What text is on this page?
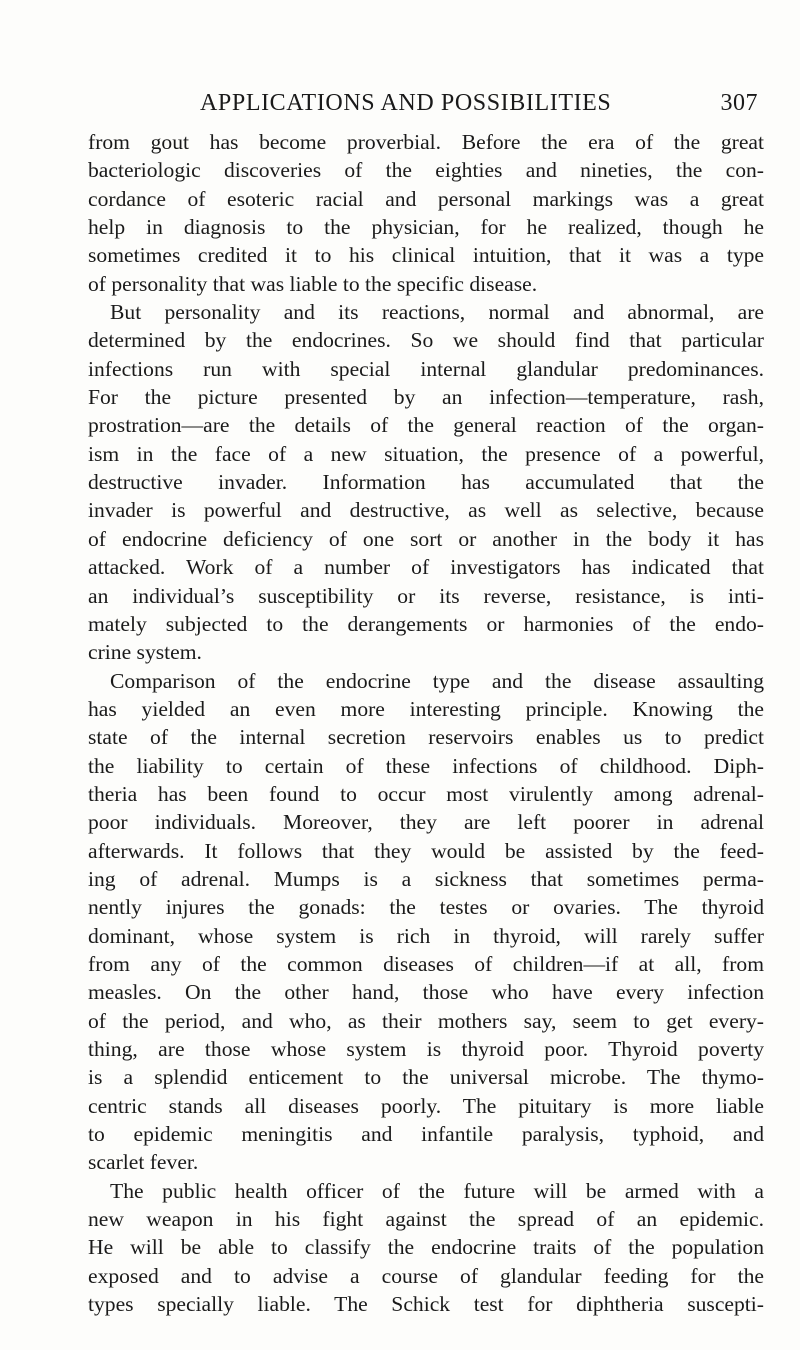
APPLICATIONS AND POSSIBILITIES	307
from gout has become proverbial. Before the era of the great
bacteriologic discoveries of the eighties and nineties, the con-
cordance of esoteric racial and personal markings was a great
help in diagnosis to the physician, for he realized, though he
sometimes credited it to his clinical intuition, that it was a type
of personality that was liable to the specific disease.
But personality and its reactions, normal and abnormal, are
determined by the endocrines. So we should find that particular
infections run with special internal glandular predominances.
For the picture presented by an infection—temperature, rash,
prostration—are the details of the general reaction of the organ-
ism in the face of a new situation, the presence of a powerful,
destructive invader. Information has accumulated that the
invader is powerful and destructive, as well as selective, because
of endocrine deficiency of one sort or another in the body it has
attacked. Work of a number of investigators has indicated that
an individual’s susceptibility or its reverse, resistance, is inti-
mately subjected to the derangements or harmonies of the endo-
crine system.
Comparison of the endocrine type and the disease assaulting
has yielded an even more interesting principle. Knowing the
state of the internal secretion reservoirs enables us to predict
the liability to certain of these infections of childhood. Diph-
theria has been found to occur most virulently among adrenal-
poor individuals. Moreover, they are left poorer in adrenal
afterwards. It follows that they would be assisted by the feed-
ing of adrenal. Mumps is a sickness that sometimes perma-
nently injures the gonads: the testes or ovaries. The thyroid
dominant, whose system is rich in thyroid, will rarely suffer
from any of the common diseases of children—if at all, from
measles. On the other hand, those who have every infection
of the period, and who, as their mothers say, seem to get every-
thing, are those whose system is thyroid poor. Thyroid poverty
is a splendid enticement to the universal microbe. The thymo-
centric stands all diseases poorly. The pituitary is more liable
to epidemic meningitis and infantile paralysis, typhoid, and
scarlet fever.
The public health officer of the future will be armed with a
new weapon in his fight against the spread of an epidemic.
He will be able to classify the endocrine traits of the population
exposed and to advise a course of glandular feeding for the
types specially liable. The Schick test for diphtheria suscepti-
